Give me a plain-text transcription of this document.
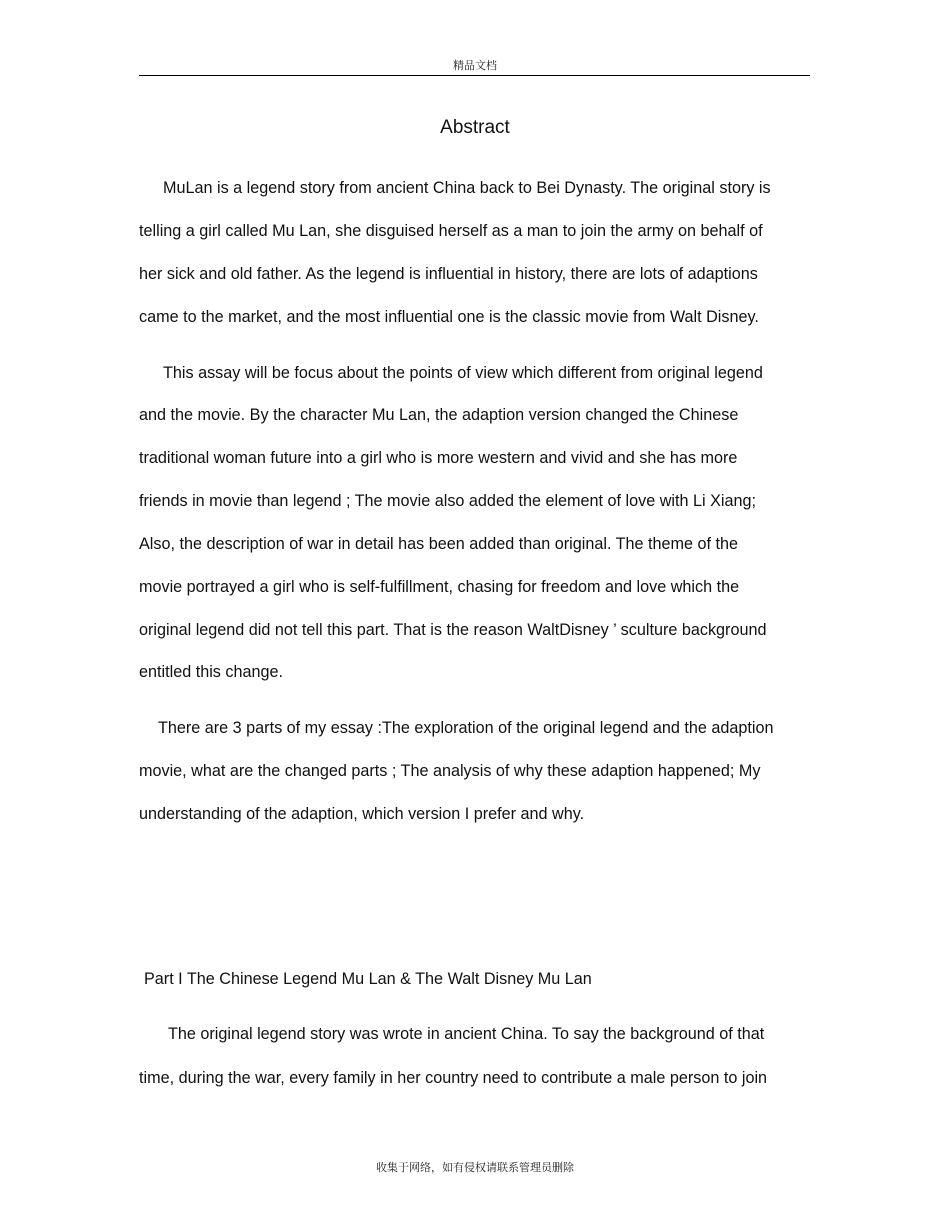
精品文档
Abstract
MuLan is a legend story from ancient China back to Bei Dynasty. The original story is
telling a girl called Mu Lan, she disguised herself as a man to join the army on behalf of
her sick and old father. As the legend is influential in history, there are lots of adaptions
came to the market, and the most influential one is the classic movie from Walt Disney.
This assay will be focus about the points of view which different from original legend
and the movie. By the character Mu Lan, the adaption version changed the Chinese
traditional woman future into a girl who is more western and vivid and she has more
friends in movie than legend ; The movie also added the element of love with Li Xiang;
Also, the description of war in detail has been added than original. The theme of the
movie portrayed a girl who is self-fulfillment, chasing for freedom and love which the
original legend did not tell this part. That is the reason WaltDisney ’ sculture background
entitled this change.
There are 3 parts of my essay :The exploration of the original legend and the adaption
movie, what are the changed parts ; The analysis of why these adaption happened; My
understanding of the adaption, which version I prefer and why.
Part I The Chinese Legend Mu Lan & The Walt Disney Mu Lan
The original legend story was wrote in ancient China. To say the background of that
time, during the war, every family in her country need to contribute a male person to join
收集于网络，如有侵权请联系管理员删除
